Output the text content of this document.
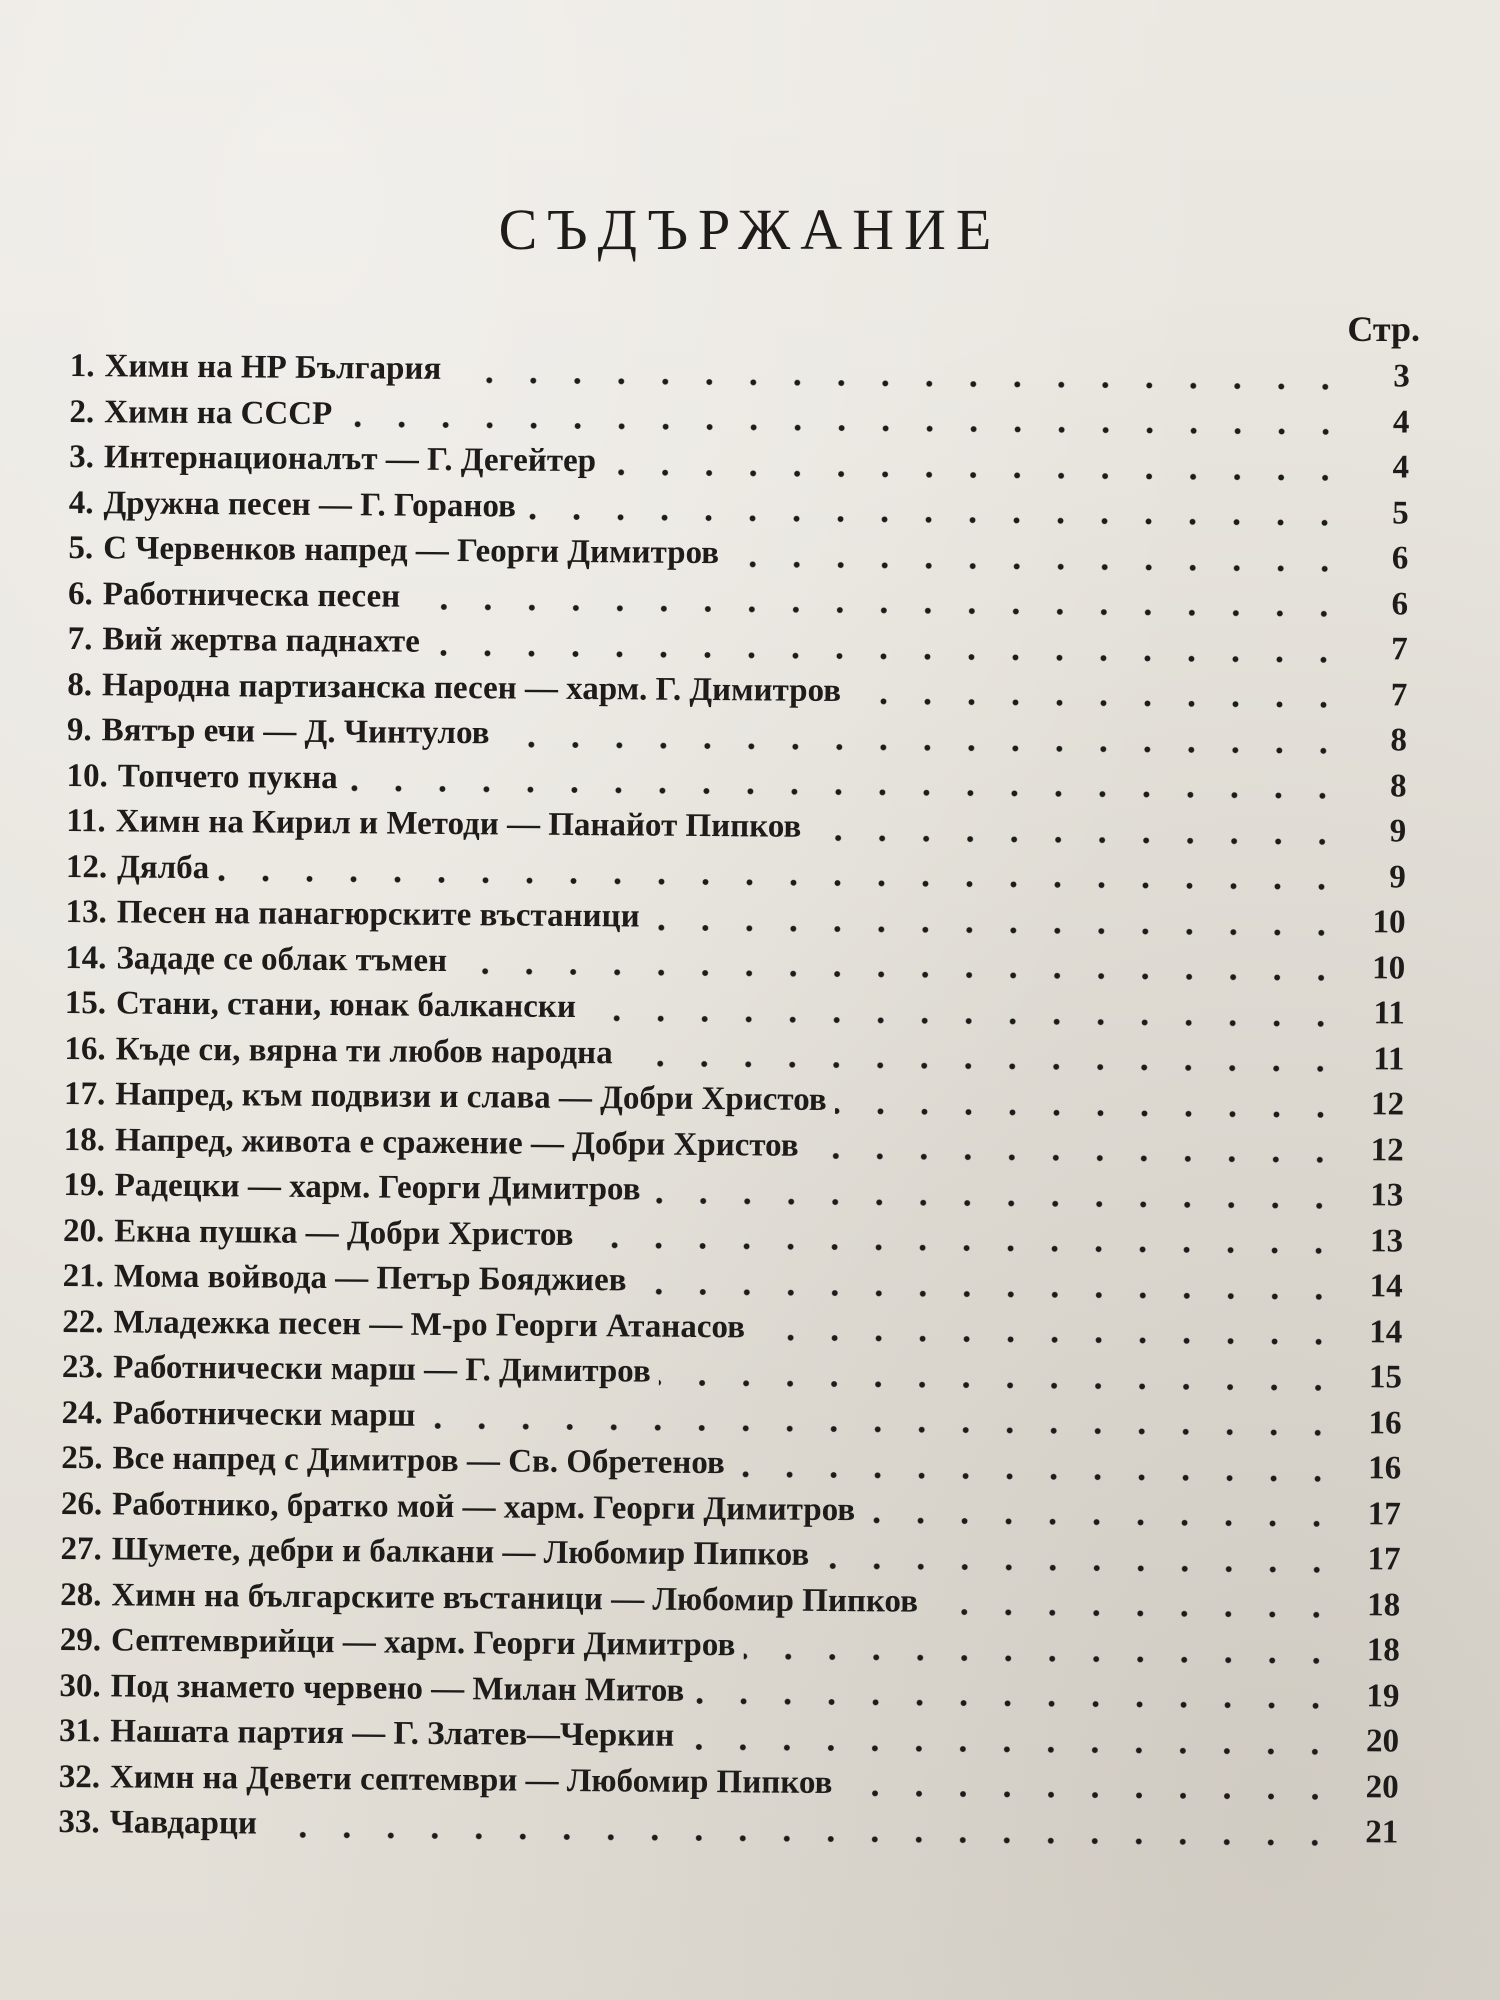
СЪДЪРЖАНИЕ
Стр.
1. Химн на НР България	3
2. Химн на СССР	4
3. Интернационалът — Г. Дегейтер	4
4. Дружна песен — Г. Горанов	5
5. С Червенков напред — Георги Димитров	6
6. Работническа песен	6
7. Вий жертва паднахте	7
8. Народна партизанска песен — харм. Г. Димитров	7
9. Вятър ечи — Д. Чинтулов	8
10. Топчето пукна	8
11. Химн на Кирил и Методи — Панайот Пипков	9
12. Дялба	9
13. Песен на панагюрските въстаници	10
14. Зададе се облак тъмен	10
15. Стани, стани, юнак балкански	11
16. Къде си, вярна ти любов народна	11
17. Напред, към подвизи и слава — Добри Христов	12
18. Напред, живота е сражение — Добри Христов	12
19. Радецки — харм. Георги Димитров	13
20. Екна пушка — Добри Христов	13
21. Мома войвода — Петър Бояджиев	14
22. Младежка песен — М-ро Георги Атанасов	14
23. Работнически марш — Г. Димитров	15
24. Работнически марш	16
25. Все напред с Димитров — Св. Обретенов	16
26. Работнико, братко мой — харм. Георги Димитров	17
27. Шумете, дебри и балкани — Любомир Пипков	17
28. Химн на българските въстаници — Любомир Пипков	18
29. Септемврийци — харм. Георги Димитров	18
30. Под знамето червено — Милан Митов	19
31. Нашата партия — Г. Златев—Черкин	20
32. Химн на Девети септември — Любомир Пипков	20
33. Чавдарци	21
